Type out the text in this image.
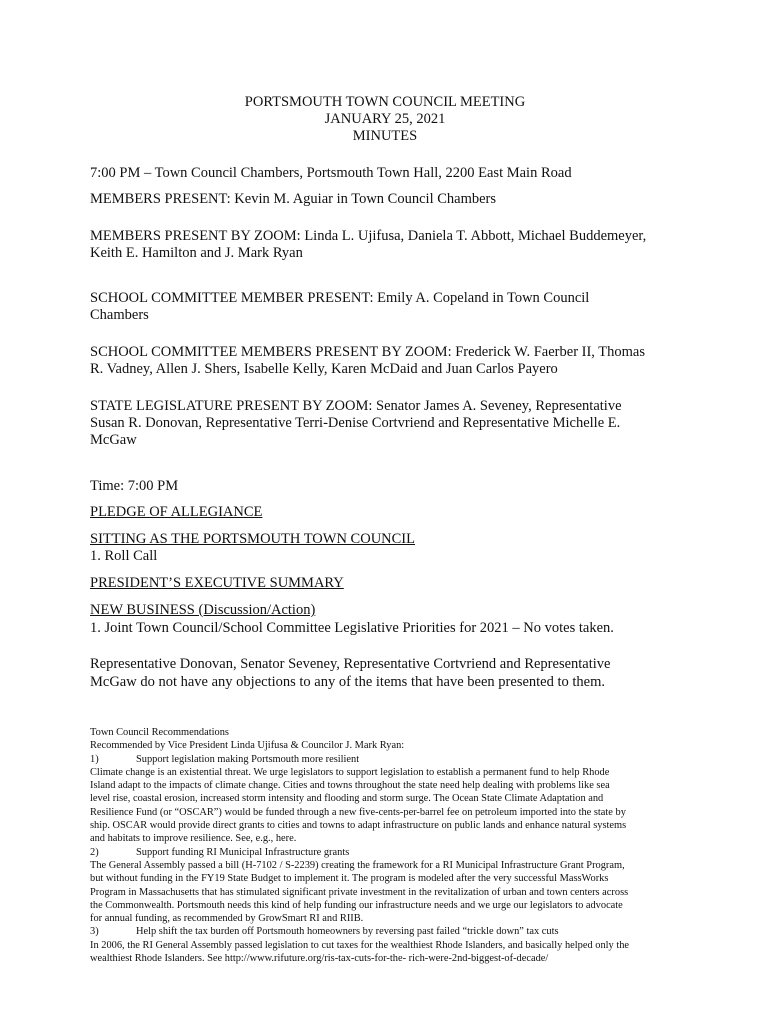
PORTSMOUTH TOWN COUNCIL MEETING
JANUARY 25, 2021
MINUTES
7:00 PM – Town Council Chambers, Portsmouth Town Hall, 2200 East Main Road
MEMBERS PRESENT: Kevin M. Aguiar in Town Council Chambers
MEMBERS PRESENT BY ZOOM: Linda L. Ujifusa, Daniela T. Abbott, Michael Buddemeyer,
Keith E. Hamilton and J. Mark Ryan
SCHOOL COMMITTEE MEMBER PRESENT: Emily A. Copeland in Town Council
Chambers
SCHOOL COMMITTEE MEMBERS PRESENT BY ZOOM: Frederick W. Faerber II, Thomas
R. Vadney, Allen J. Shers, Isabelle Kelly, Karen McDaid and Juan Carlos Payero
STATE LEGISLATURE PRESENT BY ZOOM: Senator James A. Seveney, Representative
Susan R. Donovan, Representative Terri-Denise Cortvriend and Representative Michelle E.
McGaw
Time: 7:00 PM
PLEDGE OF ALLEGIANCE
SITTING AS THE PORTSMOUTH TOWN COUNCIL
1. Roll Call
PRESIDENT’S EXECUTIVE SUMMARY
NEW BUSINESS (Discussion/Action)
1. Joint Town Council/School Committee Legislative Priorities for 2021 – No votes taken.
Representative Donovan, Senator Seveney, Representative Cortvriend and Representative
McGaw do not have any objections to any of the items that have been presented to them.
Town Council Recommendations
Recommended by Vice President Linda Ujifusa & Councilor J. Mark Ryan:
1)	Support legislation making Portsmouth more resilient
Climate change is an existential threat. We urge legislators to support legislation to establish a permanent fund to help Rhode
Island adapt to the impacts of climate change. Cities and towns throughout the state need help dealing with problems like sea
level rise, coastal erosion, increased storm intensity and flooding and storm surge. The Ocean State Climate Adaptation and
Resilience Fund (or “OSCAR”) would be funded through a new five-cents-per-barrel fee on petroleum imported into the state by
ship. OSCAR would provide direct grants to cities and towns to adapt infrastructure on public lands and enhance natural systems
and habitats to improve resilience. See, e.g., here.
2)	Support funding RI Municipal Infrastructure grants
The General Assembly passed a bill (H-7102 / S-2239) creating the framework for a RI Municipal Infrastructure Grant Program,
but without funding in the FY19 State Budget to implement it. The program is modeled after the very successful MassWorks
Program in Massachusetts that has stimulated significant private investment in the revitalization of urban and town centers across
the Commonwealth. Portsmouth needs this kind of help funding our infrastructure needs and we urge our legislators to advocate
for annual funding, as recommended by GrowSmart RI and RIIB.
3)	Help shift the tax burden off Portsmouth homeowners by reversing past failed “trickle down” tax cuts
In 2006, the RI General Assembly passed legislation to cut taxes for the wealthiest Rhode Islanders, and basically helped only the
wealthiest Rhode Islanders. See http://www.rifuture.org/ris-tax-cuts-for-the- rich-were-2nd-biggest-of-decade/
